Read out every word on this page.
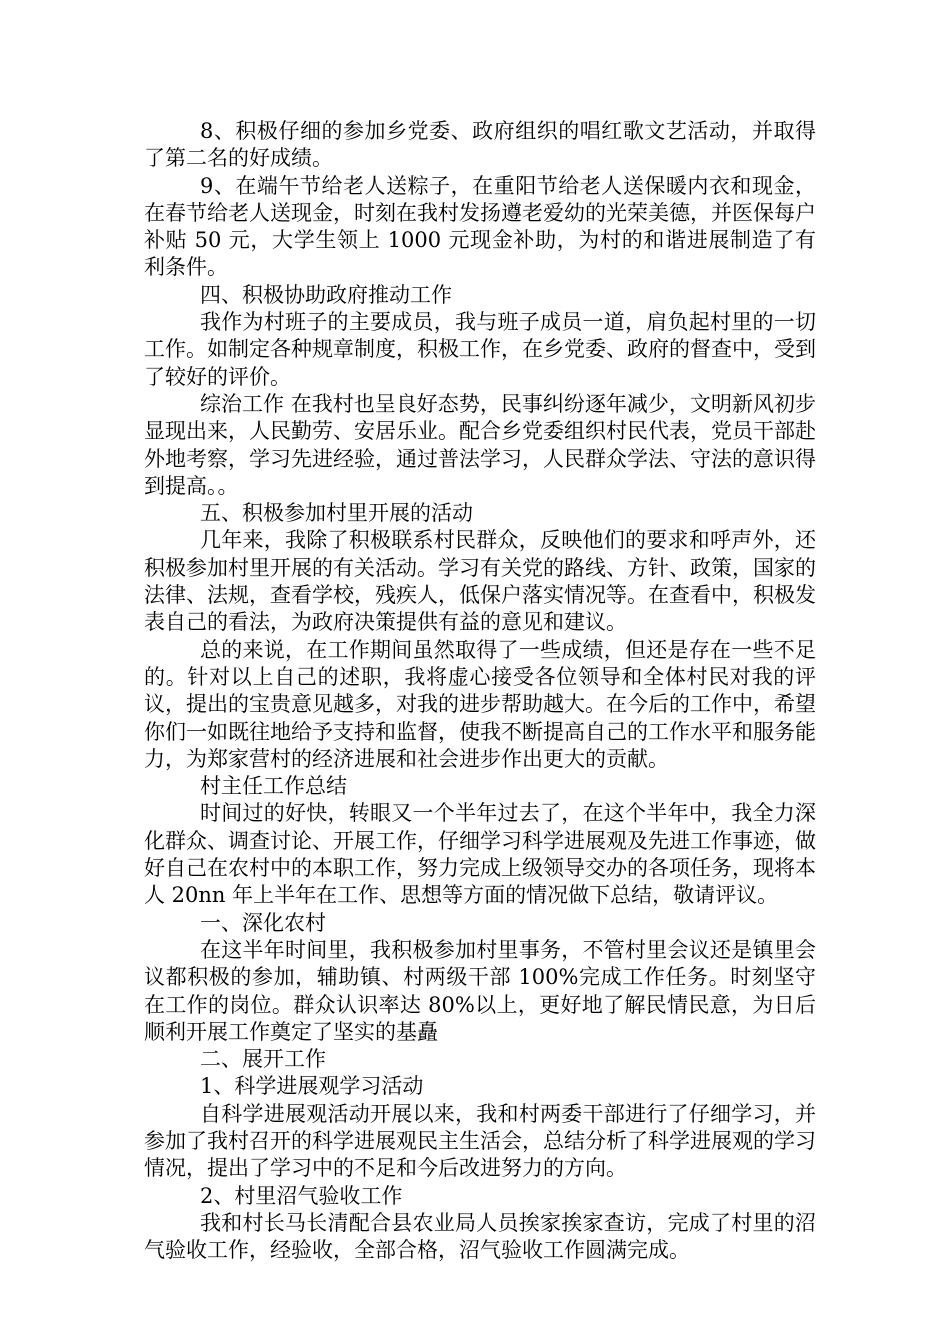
8、积极仔细的参加乡党委、政府组织的唱红歌文艺活动，并取得了第二名的好成绩。

9、在端午节给老人送粽子，在重阳节给老人送保暖内衣和现金，在春节给老人送现金，时刻在我村发扬遵老爱幼的光荣美德，并医保每户补贴 50 元，大学生领上 1000 元现金补助，为村的和谐进展制造了有利条件。

四、积极协助政府推动工作

我作为村班子的主要成员，我与班子成员一道，肩负起村里的一切工作。如制定各种规章制度，积极工作，在乡党委、政府的督查中，受到了较好的评价。

综治工作 在我村也呈良好态势，民事纠纷逐年减少，文明新风初步显现出来，人民勤劳、安居乐业。配合乡党委组织村民代表，党员干部赴外地考察，学习先进经验，通过普法学习，人民群众学法、守法的意识得到提高。。

五、积极参加村里开展的活动

几年来，我除了积极联系村民群众，反映他们的要求和呼声外，还积极参加村里开展的有关活动。学习有关党的路线、方针、政策，国家的法律、法规，查看学校，残疾人，低保户落实情况等。在查看中，积极发表自己的看法，为政府决策提供有益的意见和建议。

总的来说，在工作期间虽然取得了一些成绩，但还是存在一些不足的。针对以上自己的述职，我将虚心接受各位领导和全体村民对我的评议，提出的宝贵意见越多，对我的进步帮助越大。在今后的工作中，希望你们一如既往地给予支持和监督，使我不断提高自己的工作水平和服务能力，为郑家营村的经济进展和社会进步作出更大的贡献。

村主任工作总结

时间过的好快，转眼又一个半年过去了，在这个半年中，我全力深化群众、调查讨论、开展工作，仔细学习科学进展观及先进工作事迹，做好自己在农村中的本职工作，努力完成上级领导交办的各项任务，现将本人 20nn 年上半年在工作、思想等方面的情况做下总结，敬请评议。

一、深化农村

在这半年时间里，我积极参加村里事务，不管村里会议还是镇里会议都积极的参加，辅助镇、村两级干部 100%完成工作任务。时刻坚守在工作的岗位。群众认识率达 80%以上，更好地了解民情民意，为日后顺利开展工作奠定了坚实的基矗

二、展开工作

1、科学进展观学习活动

自科学进展观活动开展以来，我和村两委干部进行了仔细学习，并参加了我村召开的科学进展观民主生活会，总结分析了科学进展观的学习情况，提出了学习中的不足和今后改进努力的方向。

2、村里沼气验收工作

我和村长马长清配合县农业局人员挨家挨家查访，完成了村里的沼气验收工作，经验收，全部合格，沼气验收工作圆满完成。
